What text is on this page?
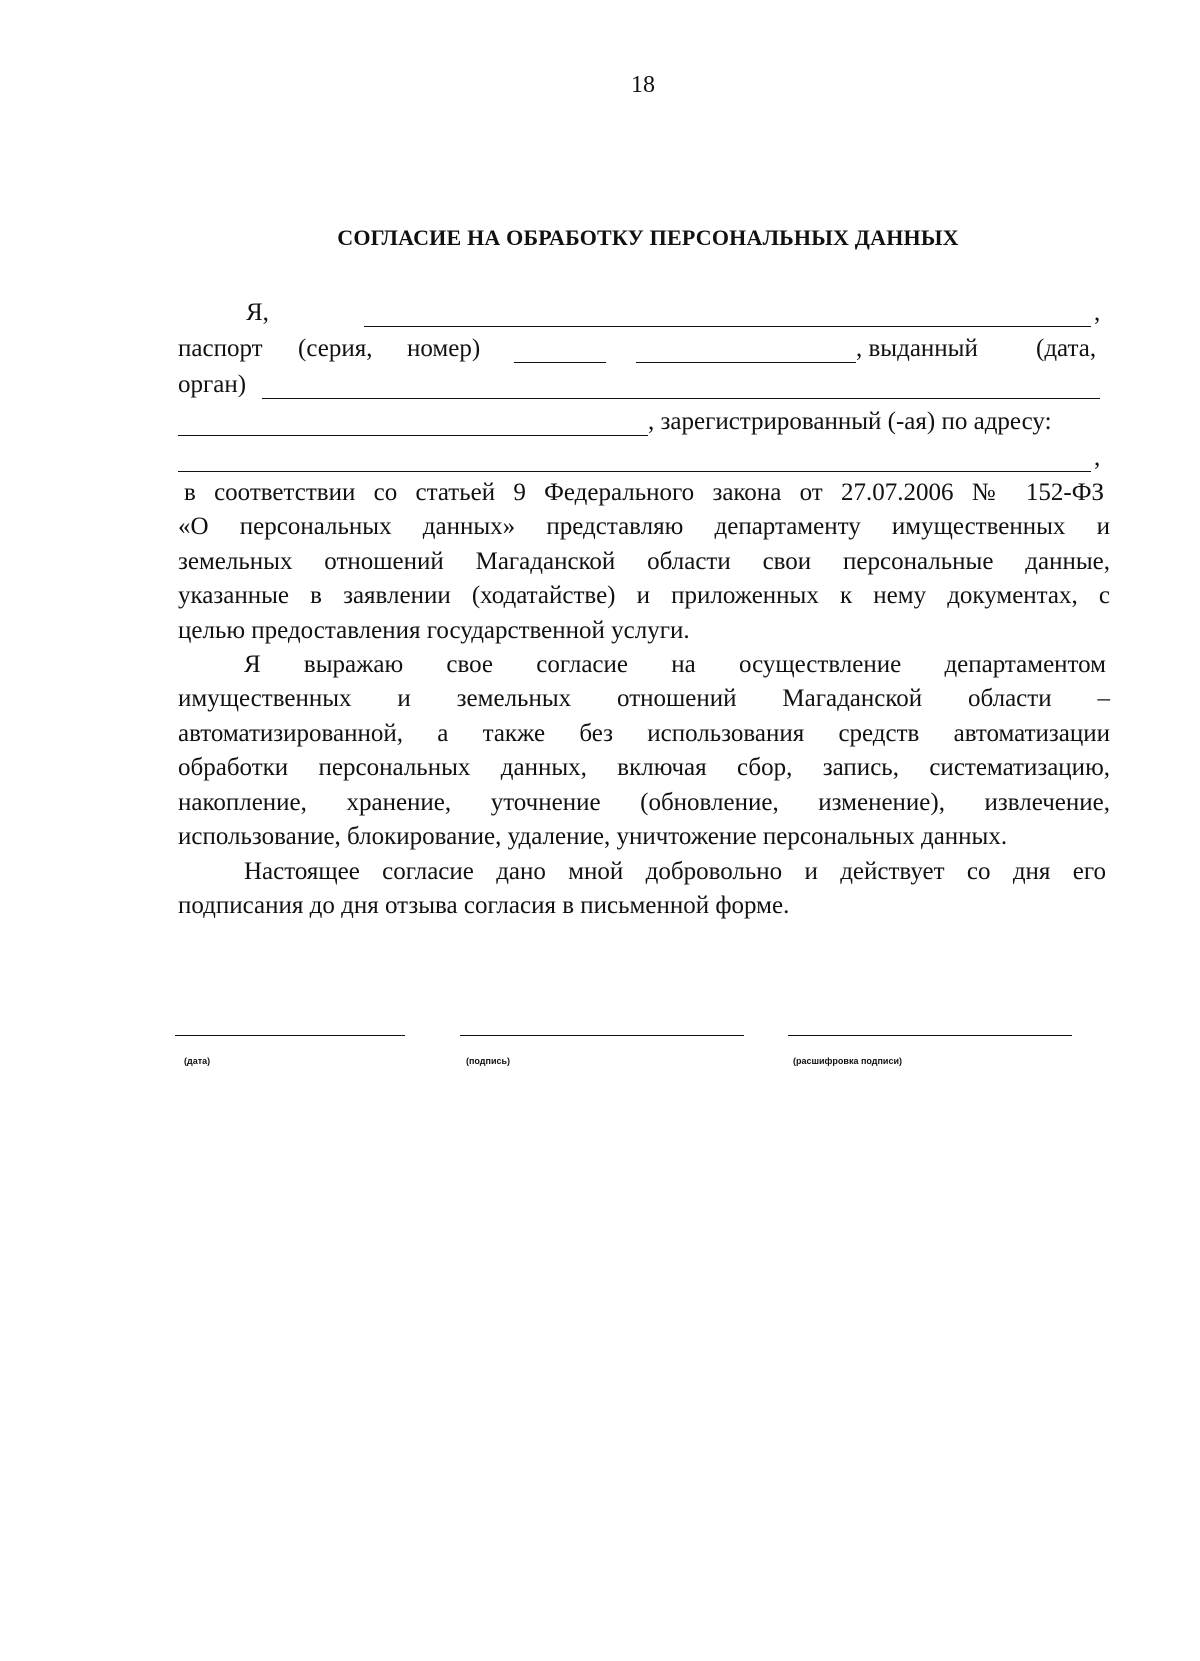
18
СОГЛАСИЕ НА ОБРАБОТКУ ПЕРСОНАЛЬНЫХ ДАННЫХ
Я,	,
паспорт (серия, номер)	, выданный (дата,
орган)
, зарегистрированный (-ая) по адресу:
,
в соответствии со статьей 9 Федерального закона от 27.07.2006 № 152-ФЗ
«О персональных данных» представляю департаменту имущественных и
земельных отношений Магаданской области свои персональные данные,
указанные в заявлении (ходатайстве) и приложенных к нему документах, с
целью предоставления государственной услуги.
Я выражаю свое согласие на осуществление департаментом
имущественных и земельных отношений Магаданской области –
автоматизированной, а также без использования средств автоматизации
обработки персональных данных, включая сбор, запись, систематизацию,
накопление, хранение, уточнение (обновление, изменение), извлечение,
использование, блокирование, удаление, уничтожение персональных данных.
Настоящее согласие дано мной добровольно и действует со дня его
подписания до дня отзыва согласия в письменной форме.
(дата)	(подпись)	(расшифровка подписи)
